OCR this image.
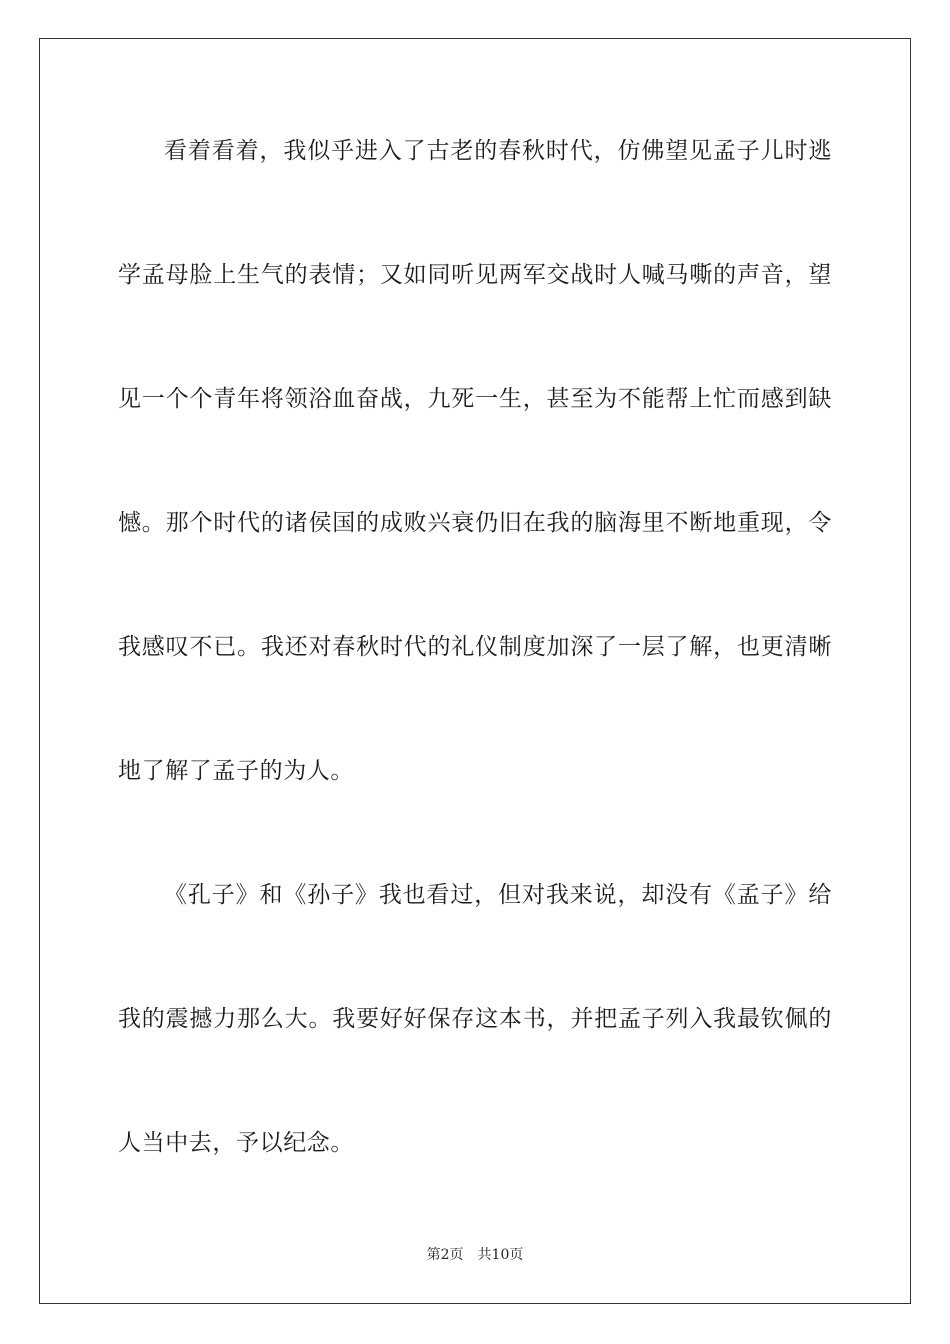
看着看着，我似乎进入了古老的春秋时代，仿佛望见孟子儿时逃
学孟母脸上生气的表情；又如同听见两军交战时人喊马嘶的声音，望
见一个个青年将领浴血奋战，九死一生，甚至为不能帮上忙而感到缺
憾。那个时代的诸侯国的成败兴衰仍旧在我的脑海里不断地重现，令
我感叹不已。我还对春秋时代的礼仪制度加深了一层了解，也更清晰
地了解了孟子的为人。
《孔子》和《孙子》我也看过，但对我来说，却没有《孟子》给
我的震撼力那么大。我要好好保存这本书，并把孟子列入我最钦佩的
人当中去，予以纪念。
第2页 共10页
